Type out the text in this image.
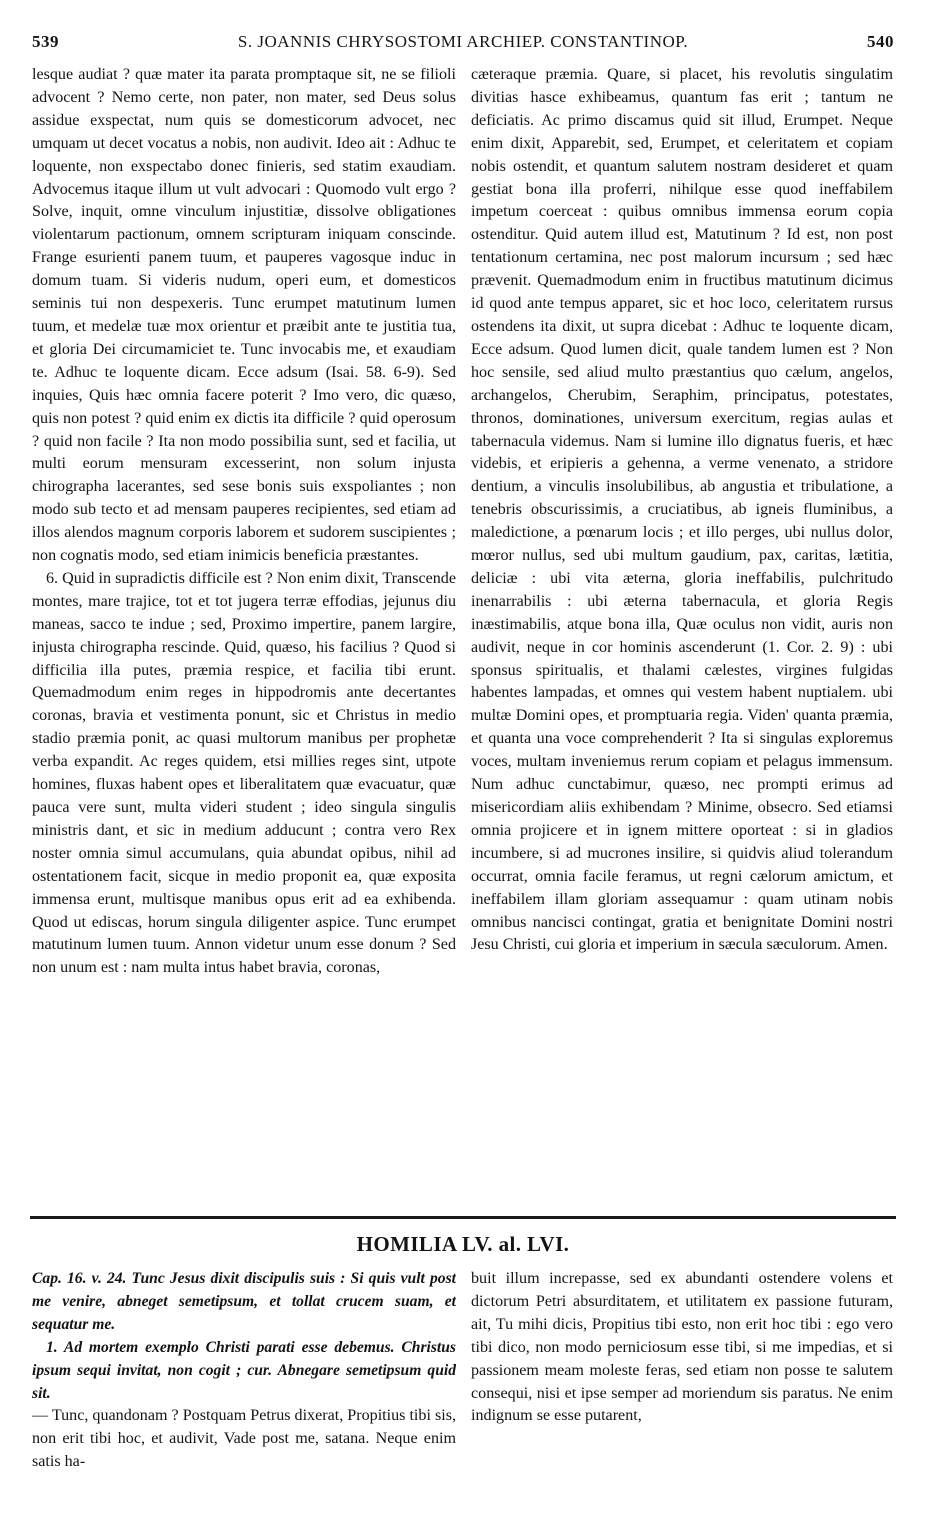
539	S. JOANNIS CHRYSOSTOMI ARCHIEP. CONSTANTINOP.	540

lesque audiat ? quæ mater ita parata promptaque sit, ne se filioli advocent ? Nemo certe, non pater, non mater, sed Deus solus assidue exspectat, num quis se domesticorum advocet, nec umquam ut decet vocatus a nobis, non audivit. Ideo ait : Adhuc te loquente, non exspectabo donec finieris, sed statim exaudiam. Advocemus itaque illum ut vult advocari : Quomodo vult ergo ? Solve, inquit, omne vinculum injustitiæ, dissolve obligationes violentarum pactionum, omnem scripturam iniquam conscinde. Frange esurienti panem tuum, et pauperes vagosque induc in domum tuam. Si videris nudum, operi eum, et domesticos seminis tui non despexeris. Tunc erumpet matutinum lumen tuum, et medelæ tuæ mox orientur et præibit ante te justitia tua, et gloria Dei circumamiciet te. Tunc invocabis me, et exaudiam te. Adhuc te loquente dicam. Ecce adsum (Isai. 58. 6-9). Sed inquies, Quis hæc omnia facere poterit ? Imo vero, dic quæso, quis non potest ? quid enim ex dictis ita difficile ? quid operosum ? quid non facile ? Ita non modo possibilia sunt, sed et facilia, ut multi eorum mensuram excesserint, non solum injusta chirographa lacerantes, sed sese bonis suis exspoliantes ; non modo sub tecto et ad mensam pauperes recipientes, sed etiam ad illos alendos magnum corporis laborem et sudorem suscipientes ; non cognatis modo, sed etiam inimicis beneficia præstantes.

6. Quid in supradictis difficile est ? Non enim dixit, Transcende montes, mare trajice, tot et tot jugera terræ effodias, jejunus diu maneas, sacco te indue ; sed, Proximo impertire, panem largire, injusta chirographa rescinde. Quid, quæso, his facilius ? Quod si difficilia illa putes, præmia respice, et facilia tibi erunt. Quemadmodum enim reges in hippodromis ante decertantes coronas, bravia et vestimenta ponunt, sic et Christus in medio stadio præmia ponit, ac quasi multorum manibus per prophetæ verba expandit. Ac reges quidem, etsi millies reges sint, utpote homines, fluxas habent opes et liberalitatem quæ evacuatur, quæ pauca vere sunt, multa videri student ; ideo singula singulis ministris dant, et sic in medium adducunt ; contra vero Rex noster omnia simul accumulans, quia abundat opibus, nihil ad ostentationem facit, sicque in medio proponit ea, quæ exposita immensa erunt, multisque manibus opus erit ad ea exhibenda. Quod ut ediscas, horum singula diligenter aspice. Tunc erumpet matutinum lumen tuum. Annon videtur unum esse donum ? Sed non unum est : nam multa intus habet bravia, coronas,

cæteraque præmia. Quare, si placet, his revolutis singulatim divitias hasce exhibeamus, quantum fas erit ; tantum ne deficiatis. Ac primo discamus quid sit illud, Erumpet. Neque enim dixit, Apparebit, sed, Erumpet, et celeritatem et copiam nobis ostendit, et quantum salutem nostram desideret et quam gestiat bona illa proferri, nihilque esse quod ineffabilem impetum coerceat : quibus omnibus immensa eorum copia ostenditur. Quid autem illud est, Matutinum ? Id est, non post tentationum certamina, nec post malorum incursum ; sed hæc prævenit. Quemadmodum enim in fructibus matutinum dicimus id quod ante tempus apparet, sic et hoc loco, celeritatem rursus ostendens ita dixit, ut supra dicebat : Adhuc te loquente dicam, Ecce adsum. Quod lumen dicit, quale tandem lumen est ? Non hoc sensile, sed aliud multo præstantius quo cælum, angelos, archangelos, Cherubim, Seraphim, principatus, potestates, thronos, dominationes, universum exercitum, regias aulas et tabernacula videmus. Nam si lumine illo dignatus fueris, et hæc videbis, et eripieris a gehenna, a verme venenato, a stridore dentium, a vinculis insolubilibus, ab angustia et tribulatione, a tenebris obscurissimis, a cruciatibus, ab igneis fluminibus, a maledictione, a pœnarum locis ; et illo perges, ubi nullus dolor, mœror nullus, sed ubi multum gaudium, pax, caritas, lætitia, deliciæ : ubi vita æterna, gloria ineffabilis, pulchritudo inenarrabilis : ubi æterna tabernacula, et gloria Regis inæstimabilis, atque bona illa, Quæ oculus non vidit, auris non audivit, neque in cor hominis ascenderunt (1. Cor. 2. 9) : ubi sponsus spiritualis, et thalami cælestes, virgines fulgidas habentes lampadas, et omnes qui vestem habent nuptialem. ubi multæ Domini opes, et promptuaria regia. Viden' quanta præmia, et quanta una voce comprehenderit ? Ita si singulas exploremus voces, multam inveniemus rerum copiam et pelagus immensum. Num adhuc cunctabimur, quæso, nec prompti erimus ad misericordiam aliis exhibendam ? Minime, obsecro. Sed etiamsi omnia projicere et in ignem mittere oporteat : si in gladios incumbere, si ad mucrones insilire, si quidvis aliud tolerandum occurrat, omnia facile feramus, ut regni cælorum amictum, et ineffabilem illam gloriam assequamur : quam utinam nobis omnibus nancisci contingat, gratia et benignitate Domini nostri Jesu Christi, cui gloria et imperium in sæcula sæculorum. Amen.

HOMILIA LV. al. LVI.

Cap. 16. v. 24. Tunc Jesus dixit discipulis suis : Si quis vult post me venire, abneget semetipsum, et tollat crucem suam, et sequatur me.

1. Ad mortem exemplo Christi parati esse debemus. Christus ipsum sequi invitat, non cogit ; cur. Abnegare semetipsum quid sit.

— Tunc, quandonam ? Postquam Petrus dixerat, Propitius tibi sis, non erit tibi hoc, et audivit, Vade post me, satana. Neque enim satis ha-

buit illum increpasse, sed ex abundanti ostendere volens et dictorum Petri absurditatem, et utilitatem ex passione futuram, ait, Tu mihi dicis, Propitius tibi esto, non erit hoc tibi : ego vero tibi dico, non modo perniciosum esse tibi, si me impedias, et si passionem meam moleste feras, sed etiam non posse te salutem consequi, nisi et ipse semper ad moriendum sis paratus. Ne enim indignum se esse putarent,
